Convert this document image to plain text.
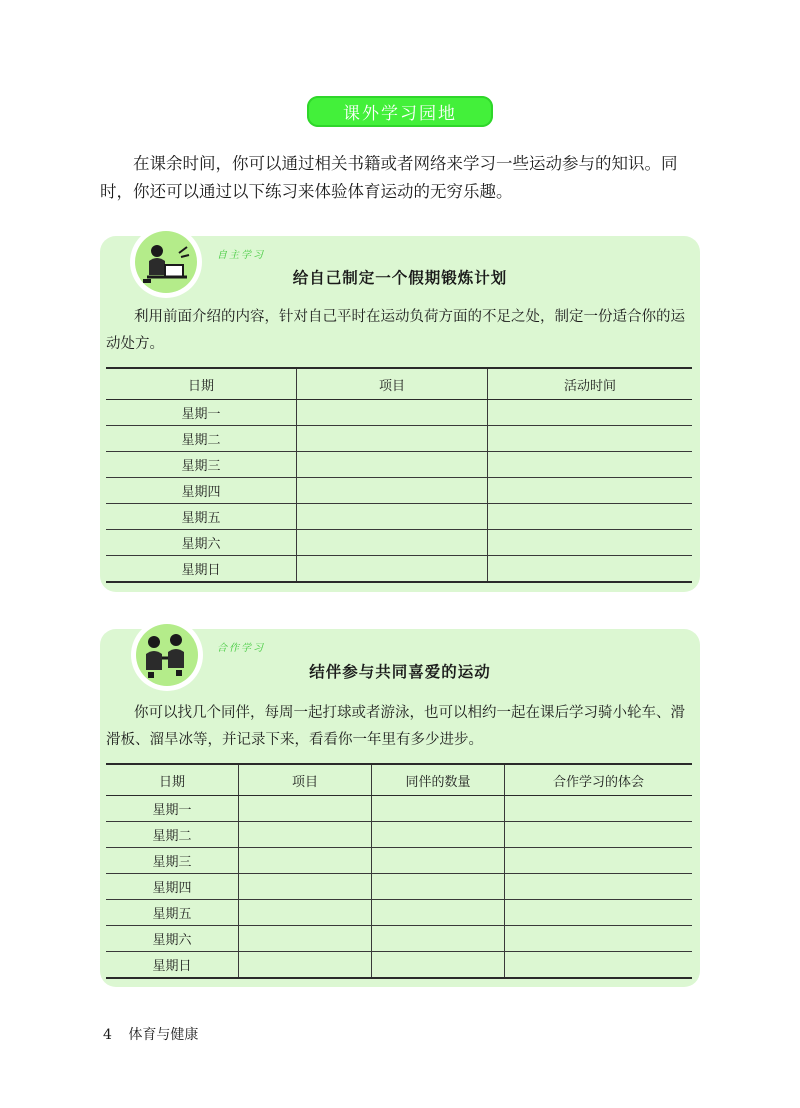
课外学习园地

在课余时间，你可以通过相关书籍或者网络来学习一些运动参与的知识。同时，你还可以通过以下练习来体验体育运动的无穷乐趣。

自主学习
给自己制定一个假期锻炼计划

利用前面介绍的内容，针对自己平时在运动负荷方面的不足之处，制定一份适合你的运动处方。

日期	项目	活动时间
星期一		
星期二		
星期三		
星期四		
星期五		
星期六		
星期日		
合作学习
结伴参与共同喜爱的运动

你可以找几个同伴，每周一起打球或者游泳，也可以相约一起在课后学习骑小轮车、滑滑板、溜旱冰等，并记录下来，看看你一年里有多少进步。

日期	项目	同伴的数量	合作学习的体会
星期一			
星期二			
星期三			
星期四			
星期五			
星期六			
星期日			
4 体育与健康
